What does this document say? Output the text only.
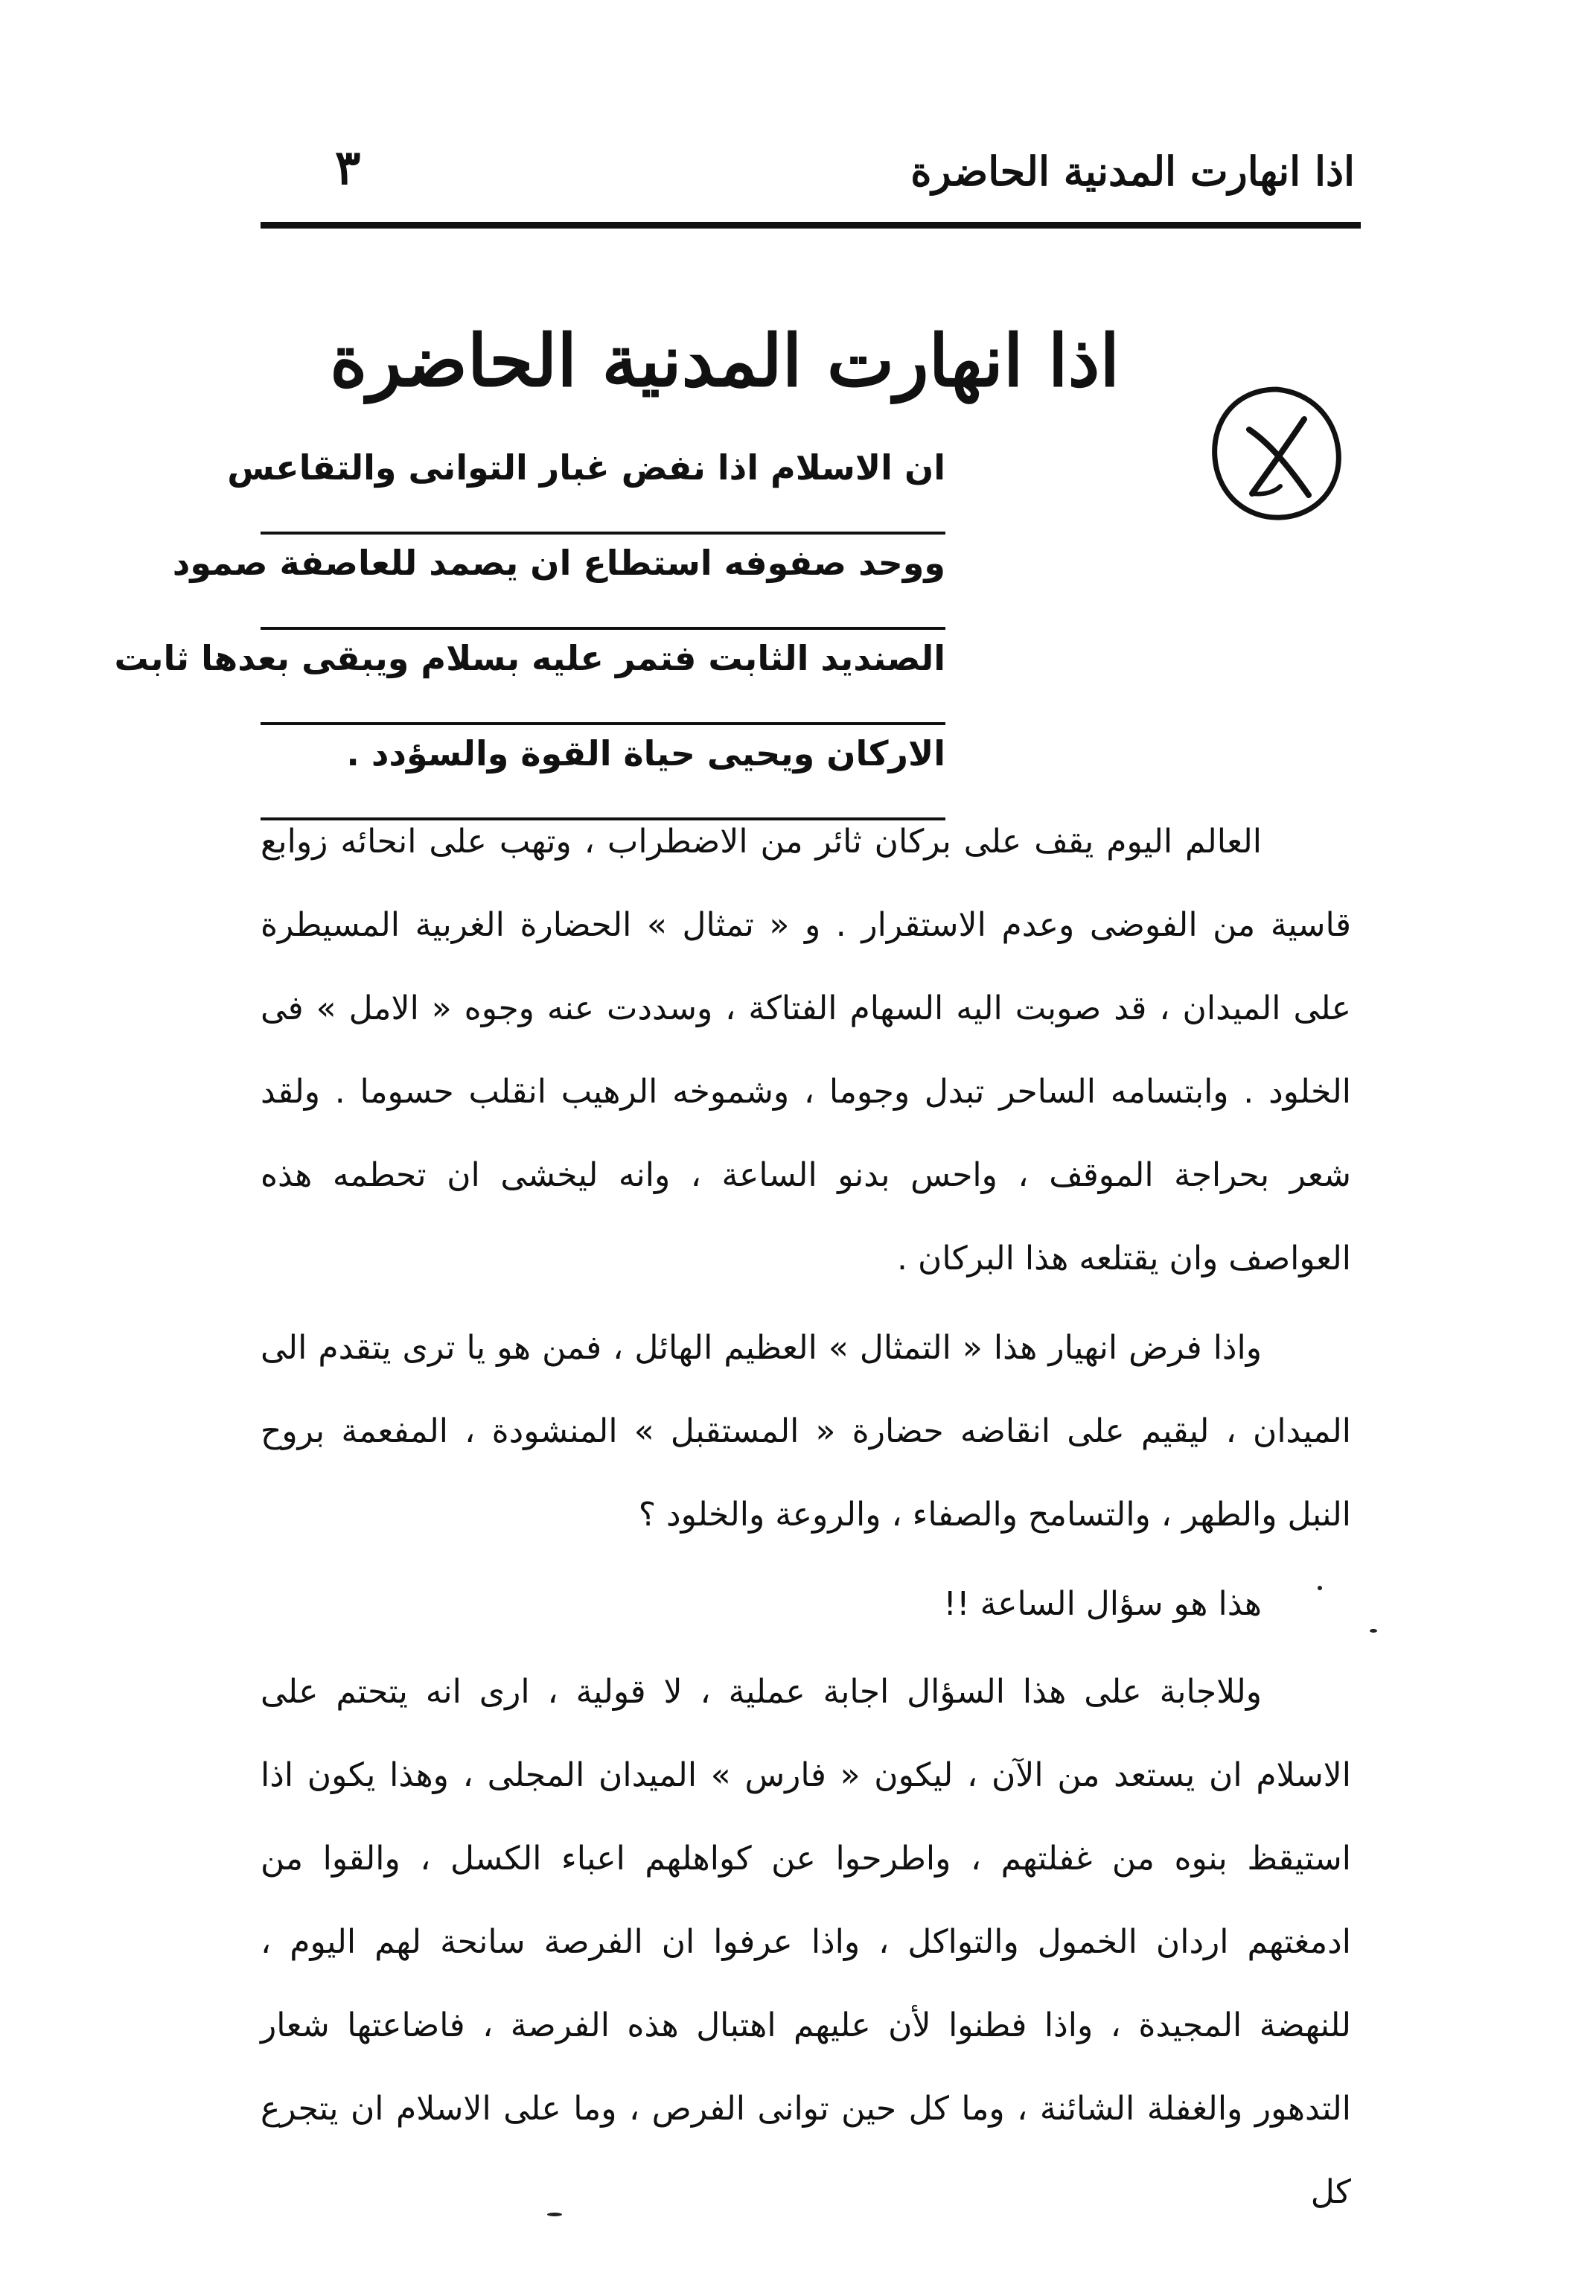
اذا انهارت المدنية الحاضرة
٣
اذا انهارت المدنية الحاضرة
ان الاسلام اذا نفض غبار التوانى والتقاعس
ووحد صفوفه استطاع ان يصمد للعاصفة صمود
الصنديد الثابت فتمر عليه بسلام ويبقى بعدها ثابت
الاركان ويحيى حياة القوة والسؤدد .

العالم اليوم يقف على بركان ثائر من الاضطراب ، وتهب على انحائه زوابع قاسية من الفوضى وعدم الاستقرار . و « تمثال » الحضارة الغربية المسيطرة على الميدان ، قد صوبت اليه السهام الفتاكة ، وسددت عنه وجوه « الامل » فى الخلود . وابتسامه الساحر تبدل وجوما ، وشموخه الرهيب انقلب حسوما . ولقد شعر بحراجة الموقف ، واحس بدنو الساعة ، وانه ليخشى ان تحطمه هذه العواصف وان يقتلعه هذا البركان .

واذا فرض انهيار هذا « التمثال » العظيم الهائل ، فمن هو يا ترى يتقدم الى الميدان ، ليقيم على انقاضه حضارة « المستقبل » المنشودة ، المفعمة بروح النبل والطهر ، والتسامح والصفاء ، والروعة والخلود ؟

هذا هو سؤال الساعة !!

وللاجابة على هذا السؤال اجابة عملية ، لا قولية ، ارى انه يتحتم على الاسلام ان يستعد من الآن ، ليكون « فارس » الميدان المجلى ، وهذا يكون اذا استيقظ بنوه من غفلتهم ، واطرحوا عن كواهلهم اعباء الكسل ، والقوا من ادمغتهم اردان الخمول والتواكل ، واذا عرفوا ان الفرصة سانحة لهم اليوم ، للنهضة المجيدة ، واذا فطنوا لأن عليهم اهتبال هذه الفرصة ، فاضاعتها شعار التدهور والغفلة الشائنة ، وما كل حين توانى الفرص ، وما على الاسلام ان يتجرع كل
